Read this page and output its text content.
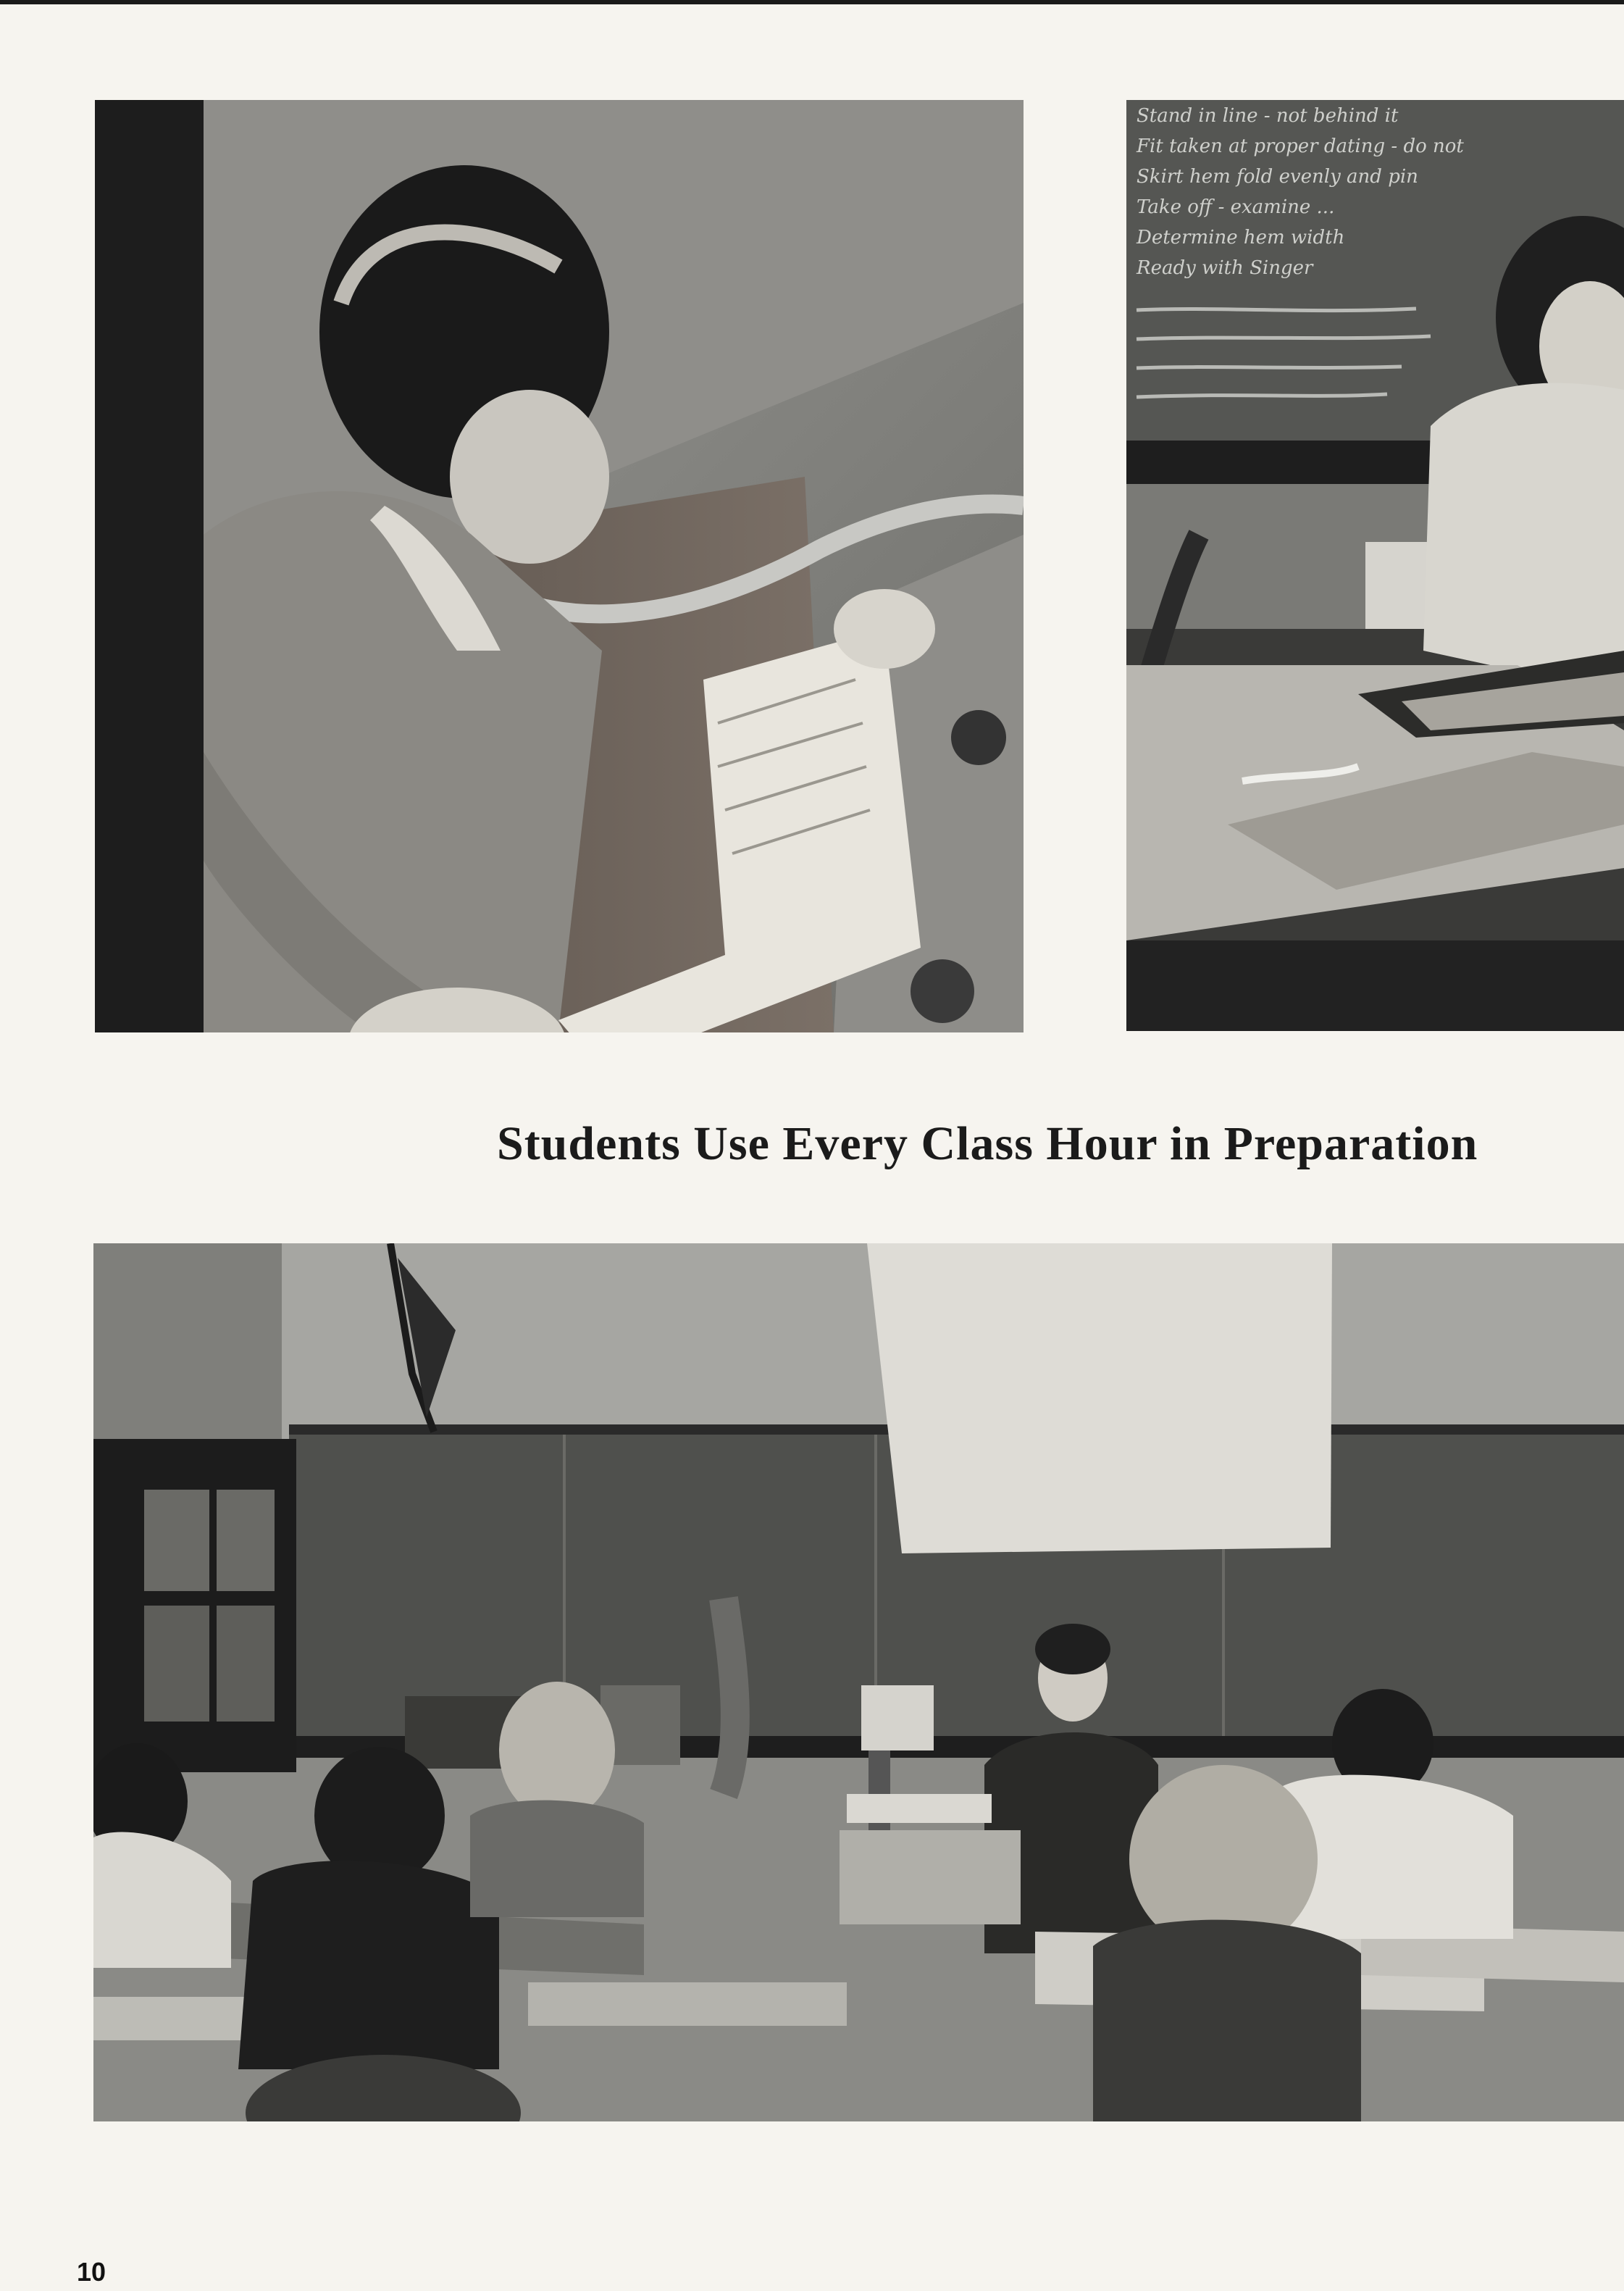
Stand in line - not behind it
Fit taken at proper dating - do not
Skirt hem fold evenly and pin
Take off - examine ...
Determine hem width
Ready with Singer
Students Use Every Class Hour in Preparation
10
